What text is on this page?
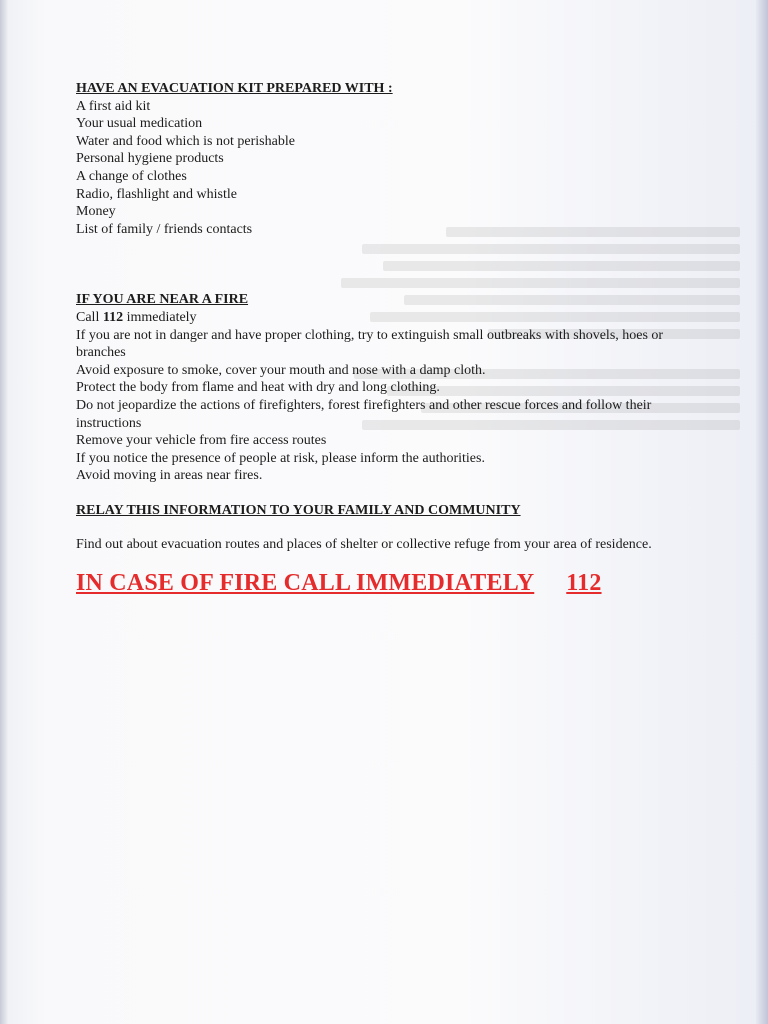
HAVE AN EVACUATION KIT PREPARED WITH :
A first aid kit
Your usual medication
Water and food which is not perishable
Personal hygiene products
A change of clothes
Radio, flashlight and whistle
Money
List of family / friends contacts
IF YOU ARE NEAR A FIRE
Call 112 immediately
If you are not in danger and have proper clothing, try to extinguish small outbreaks with shovels, hoes or branches
Avoid exposure to smoke, cover your mouth and nose with a damp cloth.
Protect the body from flame and heat with dry and long clothing.
Do not jeopardize the actions of firefighters, forest firefighters and other rescue forces and follow their instructions
Remove your vehicle from fire access routes
If you notice the presence of people at risk, please inform the authorities.
Avoid moving in areas near fires.
RELAY THIS INFORMATION TO YOUR FAMILY AND COMMUNITY
Find out about evacuation routes and places of shelter or collective refuge from your area of residence.
IN CASE OF FIRE CALL IMMEDIATELY 112
